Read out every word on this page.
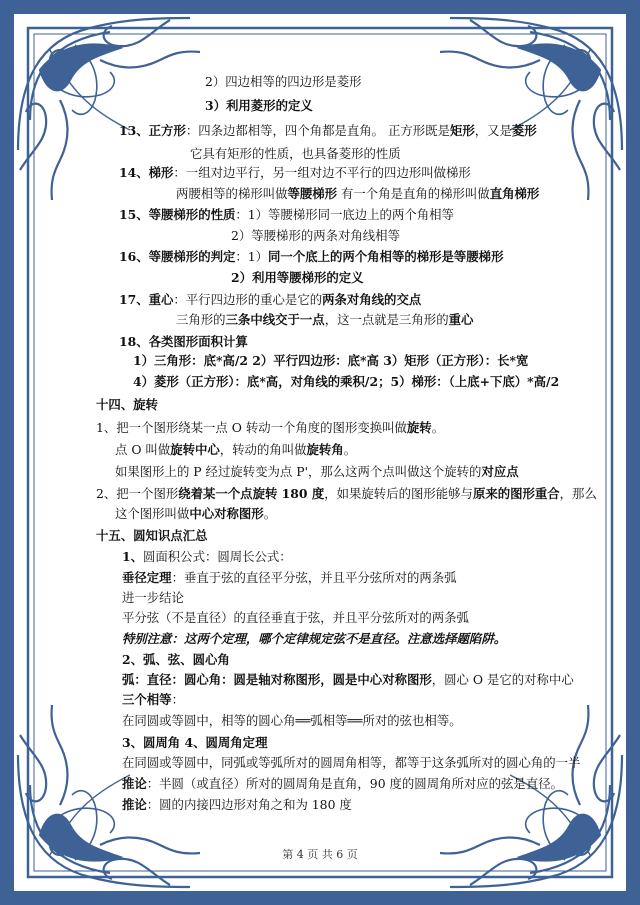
2）四边相等的四边形是菱形
3）利用菱形的定义
13、正方形：四条边都相等，四个角都是直角。 正方形既是矩形，又是菱形
它具有矩形的性质，也具备菱形的性质
14、梯形：一组对边平行，另一组对边不平行的四边形叫做梯形
两腰相等的梯形叫做等腰梯形 有一个角是直角的梯形叫做直角梯形
15、等腰梯形的性质：1）等腰梯形同一底边上的两个角相等
2）等腰梯形的两条对角线相等
16、等腰梯形的判定：1）同一个底上的两个角相等的梯形是等腰梯形
2）利用等腰梯形的定义
17、重心：平行四边形的重心是它的两条对角线的交点
三角形的三条中线交于一点，这一点就是三角形的重心
18、各类图形面积计算
1）三角形：底*高/2 2）平行四边形：底*高 3）矩形（正方形）：长*宽
4）菱形（正方形）：底*高，对角线的乘积/2；5）梯形：（上底+下底）*高/2
十四、旋转
1、把一个图形绕某一点 O 转动一个角度的图形变换叫做旋转。
点 O 叫做旋转中心，转动的角叫做旋转角。
如果图形上的 P 经过旋转变为点 P'，那么这两个点叫做这个旋转的对应点
2、把一个图形绕着某一个点旋转 180 度，如果旋转后的图形能够与原来的图形重合，那么
这个图形叫做中心对称图形。
十五、圆知识点汇总
1、圆面积公式：圆周长公式：
垂径定理：垂直于弦的直径平分弦，并且平分弦所对的两条弧
进一步结论
平分弦（不是直径）的直径垂直于弦，并且平分弦所对的两条弧
特别注意：这两个定理，哪个定律规定弦不是直径。注意选择题陷阱。
2、弧、弦、圆心角
弧：直径：圆心角：圆是轴对称图形，圆是中心对称图形，圆心 O 是它的对称中心
三个相等：
在同圆或等圆中，相等的圆心角══弧相等══所对的弦也相等。
3、圆周角 4、圆周角定理
在同圆或等圆中，同弧或等弧所对的圆周角相等，都等于这条弧所对的圆心角的一半
推论：半圆（或直径）所对的圆周角是直角，90 度的圆周角所对应的弦是直径。
推论：圆的内接四边形对角之和为 180 度
第 4 页 共 6 页
